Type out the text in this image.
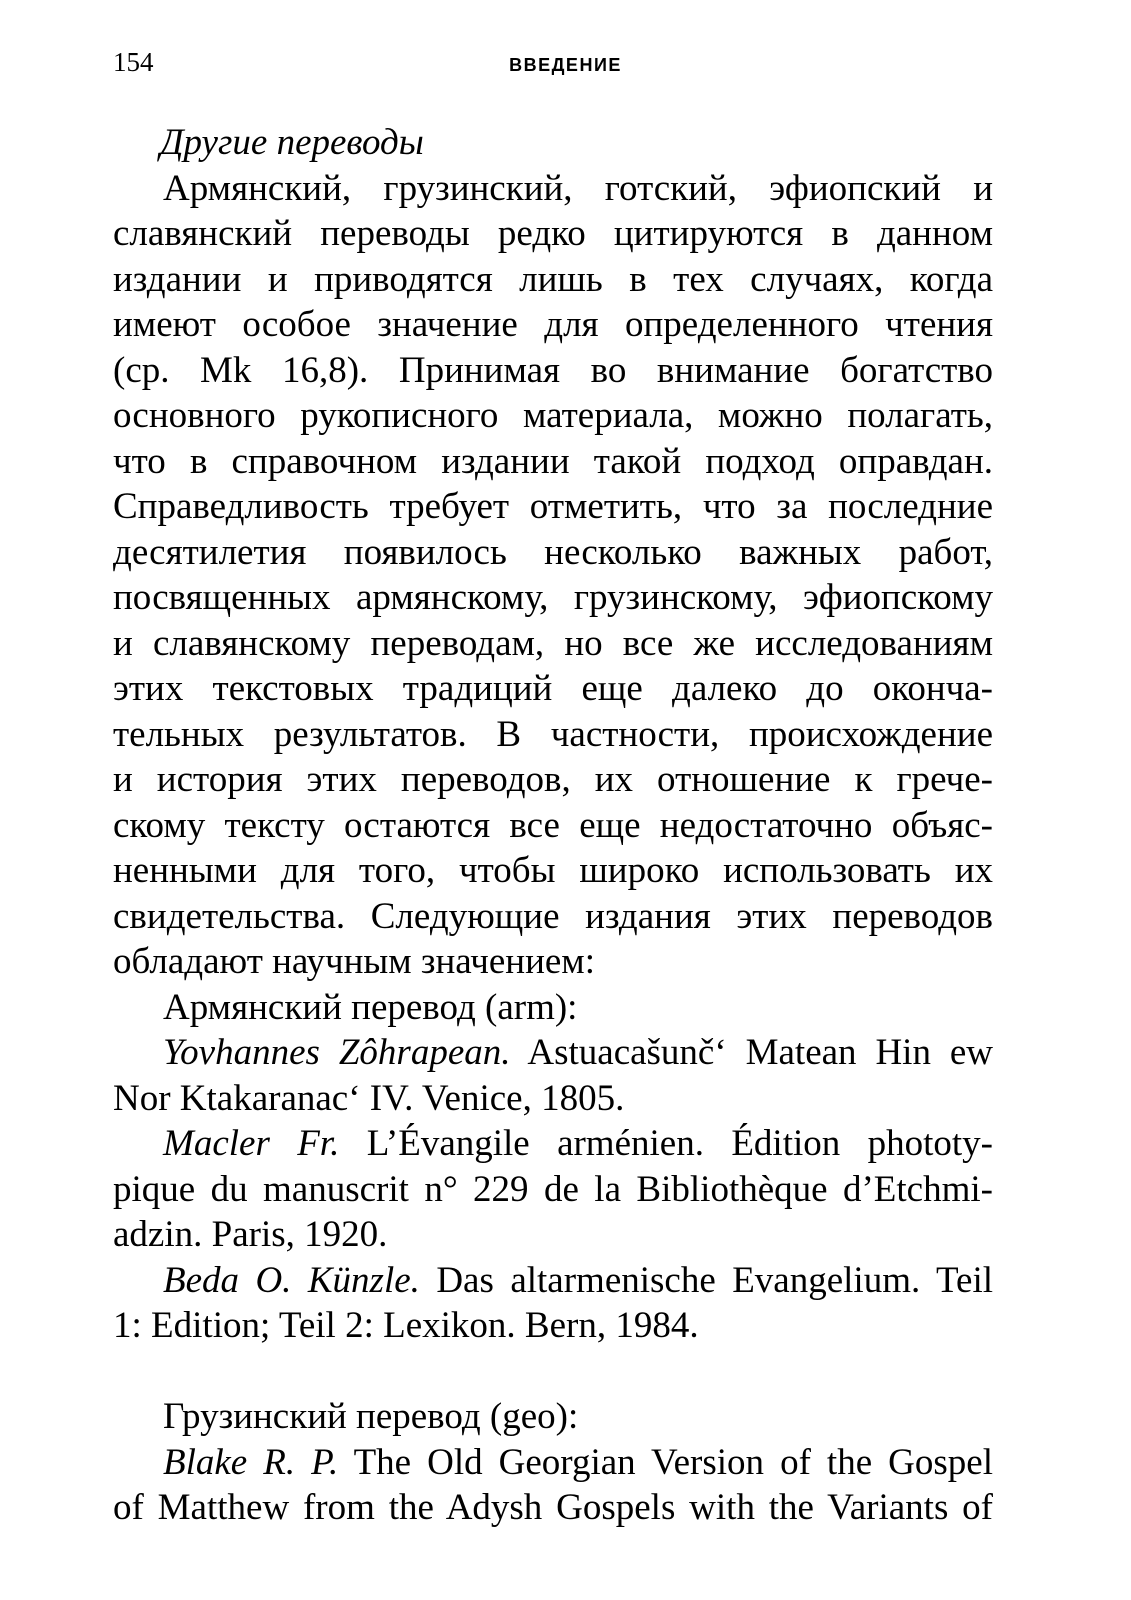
154	ВВЕДЕНИЕ
Другие переводы
Армянский, грузинский, готский, эфиопский и
славянский переводы редко цитируются в данном
издании и приводятся лишь в тех случаях, когда
имеют особое значение для определенного чтения
(ср. Mk 16,8). Принимая во внимание богатство
основного рукописного материала, можно полагать,
что в справочном издании такой подход оправдан.
Справедливость требует отметить, что за последние
десятилетия появилось несколько важных работ,
посвященных армянскому, грузинскому, эфиопскому
и славянскому переводам, но все же исследованиям
этих текстовых традиций еще далеко до оконча-
тельных результатов. В частности, происхождение
и история этих переводов, их отношение к грече-
скому тексту остаются все еще недостаточно объяс-
ненными для того, чтобы широко использовать их
свидетельства. Следующие издания этих переводов
обладают научным значением:
Армянский перевод (arm):
Yovhannes Zôhrapean. Astuacašunč‘ Matean Hin ew
Nor Ktakaranac‘ IV. Venice, 1805.
Macler Fr. L’Évangile arménien. Édition phototy-
pique du manuscrit n° 229 de la Bibliothèque d’Etchmi-
adzin. Paris, 1920.
Beda O. Künzle. Das altarmenische Evangelium. Teil
1: Edition; Teil 2: Lexikon. Bern, 1984.
Грузинский перевод (geo):
Blake R. P. The Old Georgian Version of the Gospel
of Matthew from the Adysh Gospels with the Variants of
